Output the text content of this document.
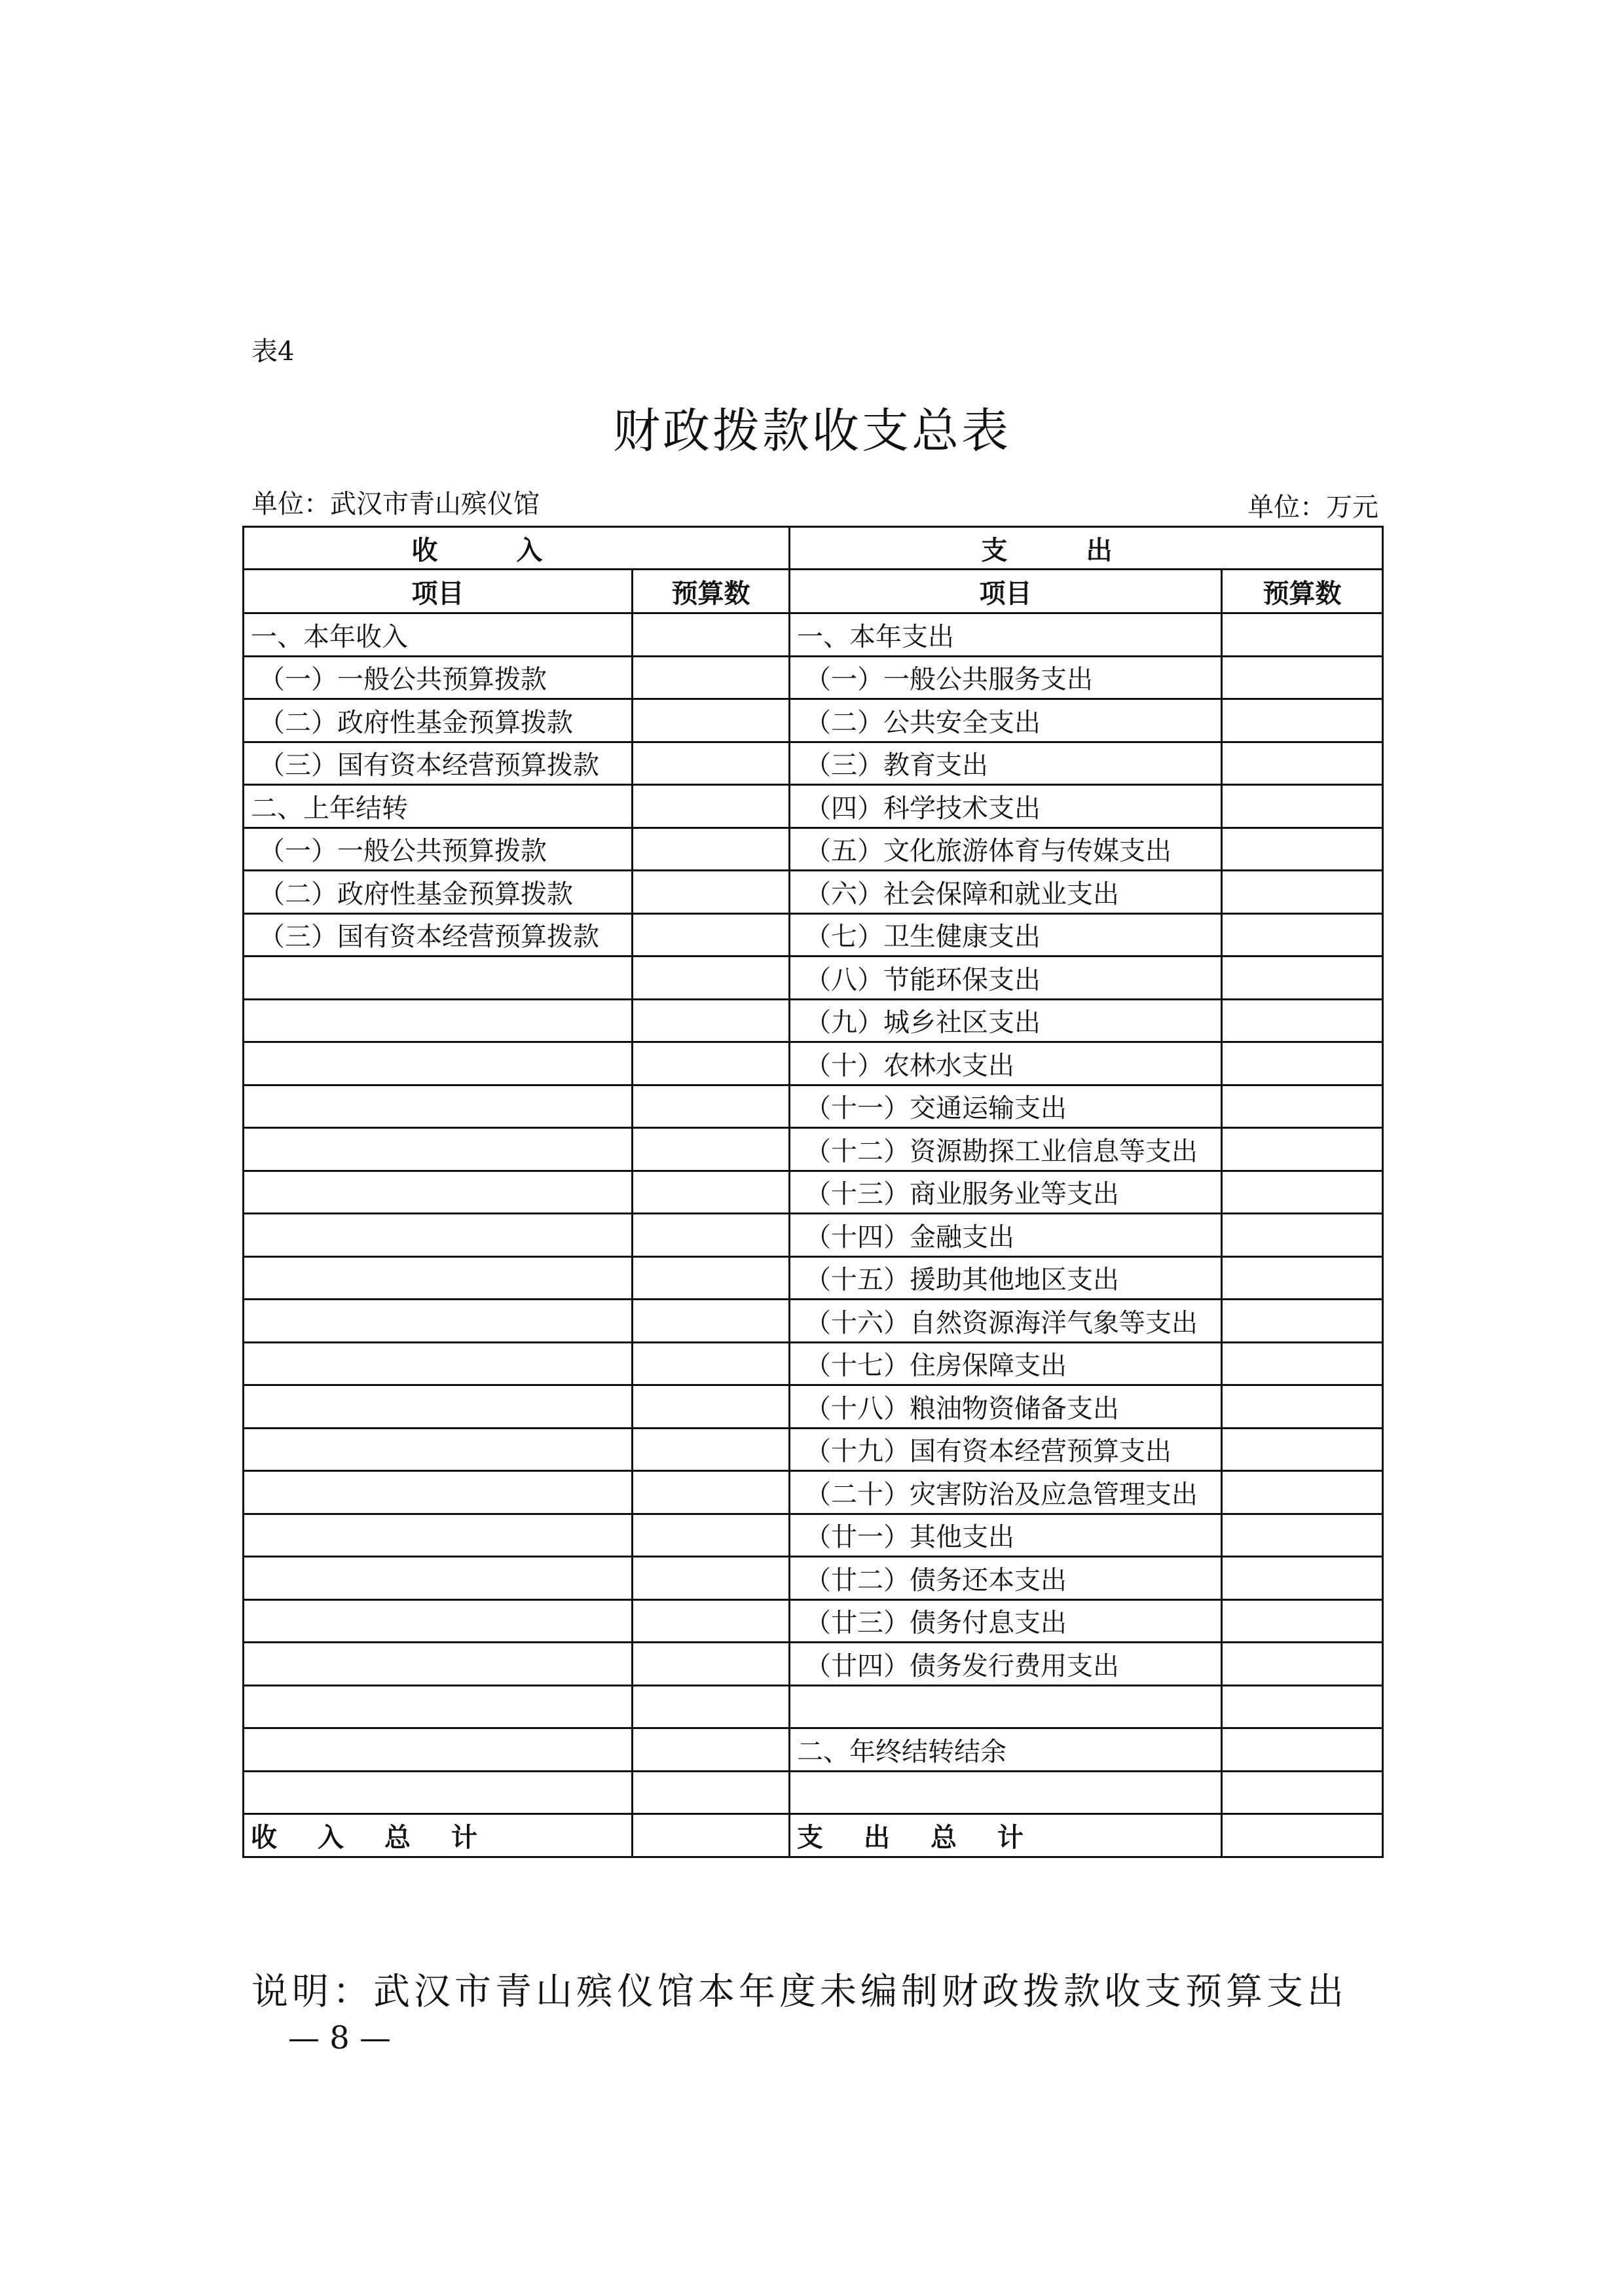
表4
财政拨款收支总表
单位：武汉市青山殡仪馆	单位：万元
收入		支出	
项目	预算数	项目	预算数
一、本年收入		一、本年支出	
（一）一般公共预算拨款		（一）一般公共服务支出	
（二）政府性基金预算拨款		（二）公共安全支出	
（三）国有资本经营预算拨款		（三）教育支出	
二、上年结转		（四）科学技术支出	
（一）一般公共预算拨款		（五）文化旅游体育与传媒支出	
（二）政府性基金预算拨款		（六）社会保障和就业支出	
（三）国有资本经营预算拨款		（七）卫生健康支出	
		（八）节能环保支出	
		（九）城乡社区支出	
		（十）农林水支出	
		（十一）交通运输支出	
		（十二）资源勘探工业信息等支出	
		（十三）商业服务业等支出	
		（十四）金融支出	
		（十五）援助其他地区支出	
		（十六）自然资源海洋气象等支出	
		（十七）住房保障支出	
		（十八）粮油物资储备支出	
		（十九）国有资本经营预算支出	
		（二十）灾害防治及应急管理支出	
		（廿一）其他支出	
		（廿二）债务还本支出	
		（廿三）债务付息支出	
		（廿四）债务发行费用支出	

		二、年终结转结余	

收入总计		支出总计	
说明：武汉市青山殡仪馆本年度未编制财政拨款收支预算支出
— 8 —
